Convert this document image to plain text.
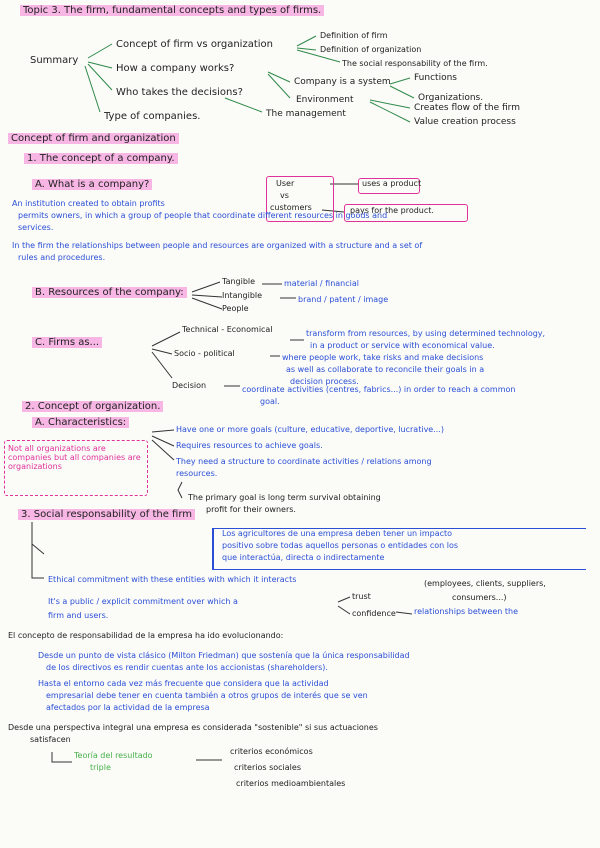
Topic 3. The firm, fundamental concepts and types of firms.
Summary
Concept of firm vs organization
Definition of firm
Definition of organization
The social responsability of the firm.
How a company works?
Company is a system	Functions
Organizations.
Environment
Creates flow of the firm
Value creation process
Who takes the decisions?
The management
Type of companies.
Concept of firm and organization
1. The concept of a company.
A. What is a company?	User
vs
customers
uses a product
pays for the product.
An institution created to obtain profits
permits owners, in which a group of people that coordinate different resources in goods and
services.
In the firm the relationships between people and resources are organized with a structure and a set of
rules and procedures.
B. Resources of the company:
Tangible
Intangible
People
material / financial
brand / patent / image
C. Firms as...
Technical - Economical	transform from resources, by using determined technology,
in a product or service with economical value.
Socio - political	where people work, take risks and make decisions
as well as collaborate to reconcile their goals in a
decision process.
Decision	coordinate activities (centres, fabrics...) in order to reach a common
goal.
2. Concept of organization.
A. Characteristics:
Not all organizations are companies but all companies are organizations
Have one or more goals (culture, educative, deportive, lucrative...)
Requires resources to achieve goals.
They need a structure to coordinate activities / relations among
resources.
The primary goal is long term survival obtaining
profit for their owners.
3. Social responsability of the firm
Los agricultores de una empresa deben tener un impacto
positivo sobre todas aquellos personas o entidades con los
que interactúa, directa o indirectamente
Ethical commitment with these entities with which it interacts	(employees, clients, suppliers,
consumers...)
It's a public / explicit commitment over which a
trust
confidence relationships between the
firm and users.
El concepto de responsabilidad de la empresa ha ido evolucionando:
Desde un punto de vista clásico (Milton Friedman) que sostenía que la única responsabilidad
de los directivos es rendir cuentas ante los accionistas (shareholders).
Hasta el entorno cada vez más frecuente que considera que la actividad
empresarial debe tener en cuenta también a otros grupos de interés que se ven
afectados por la actividad de la empresa
Desde una perspectiva integral una empresa es considerada "sostenible" si sus actuaciones
satisfacen
Teoría del resultado
triple
criterios económicos
criterios sociales
criterios medioambientales
